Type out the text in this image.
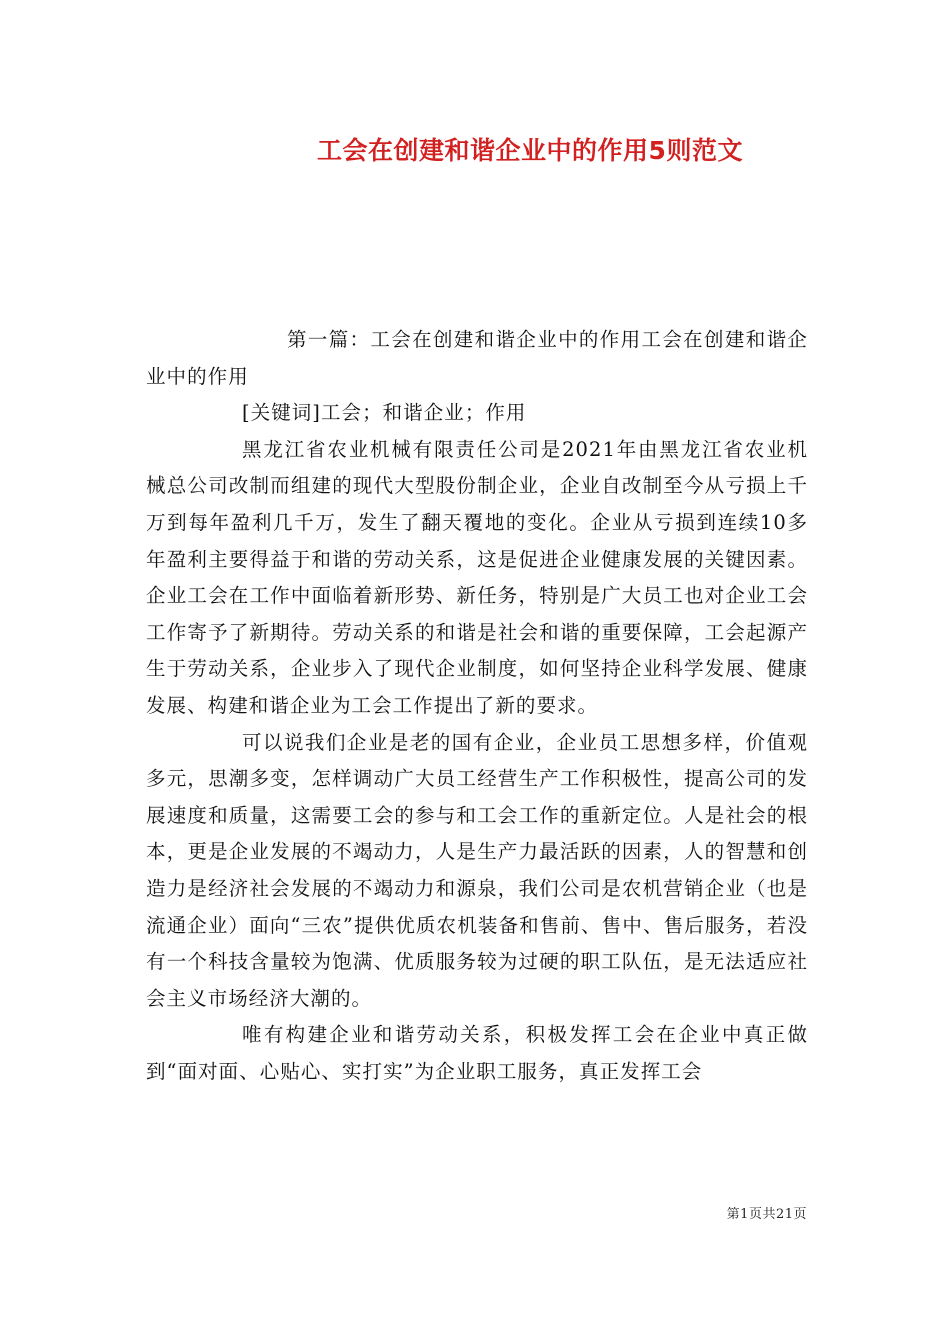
工会在创建和谐企业中的作用5则范文

第一篇：工会在创建和谐企业中的作用工会在创建和谐企业中的作用

[关键词]工会；和谐企业；作用

黑龙江省农业机械有限责任公司是2021年由黑龙江省农业机械总公司改制而组建的现代大型股份制企业，企业自改制至今从亏损上千万到每年盈利几千万，发生了翻天覆地的变化。企业从亏损到连续10多年盈利主要得益于和谐的劳动关系，这是促进企业健康发展的关键因素。企业工会在工作中面临着新形势、新任务，特别是广大员工也对企业工会工作寄予了新期待。劳动关系的和谐是社会和谐的重要保障，工会起源产生于劳动关系，企业步入了现代企业制度，如何坚持企业科学发展、健康发展、构建和谐企业为工会工作提出了新的要求。

可以说我们企业是老的国有企业，企业员工思想多样，价值观多元，思潮多变，怎样调动广大员工经营生产工作积极性，提高公司的发展速度和质量，这需要工会的参与和工会工作的重新定位。人是社会的根本，更是企业发展的不竭动力，人是生产力最活跃的因素，人的智慧和创造力是经济社会发展的不竭动力和源泉，我们公司是农机营销企业（也是流通企业）面向“三农”提供优质农机装备和售前、售中、售后服务，若没有一个科技含量较为饱满、优质服务较为过硬的职工队伍，是无法适应社会主义市场经济大潮的。

唯有构建企业和谐劳动关系，积极发挥工会在企业中真正做到“面对面、心贴心、实打实”为企业职工服务，真正发挥工会

第1页共21页
